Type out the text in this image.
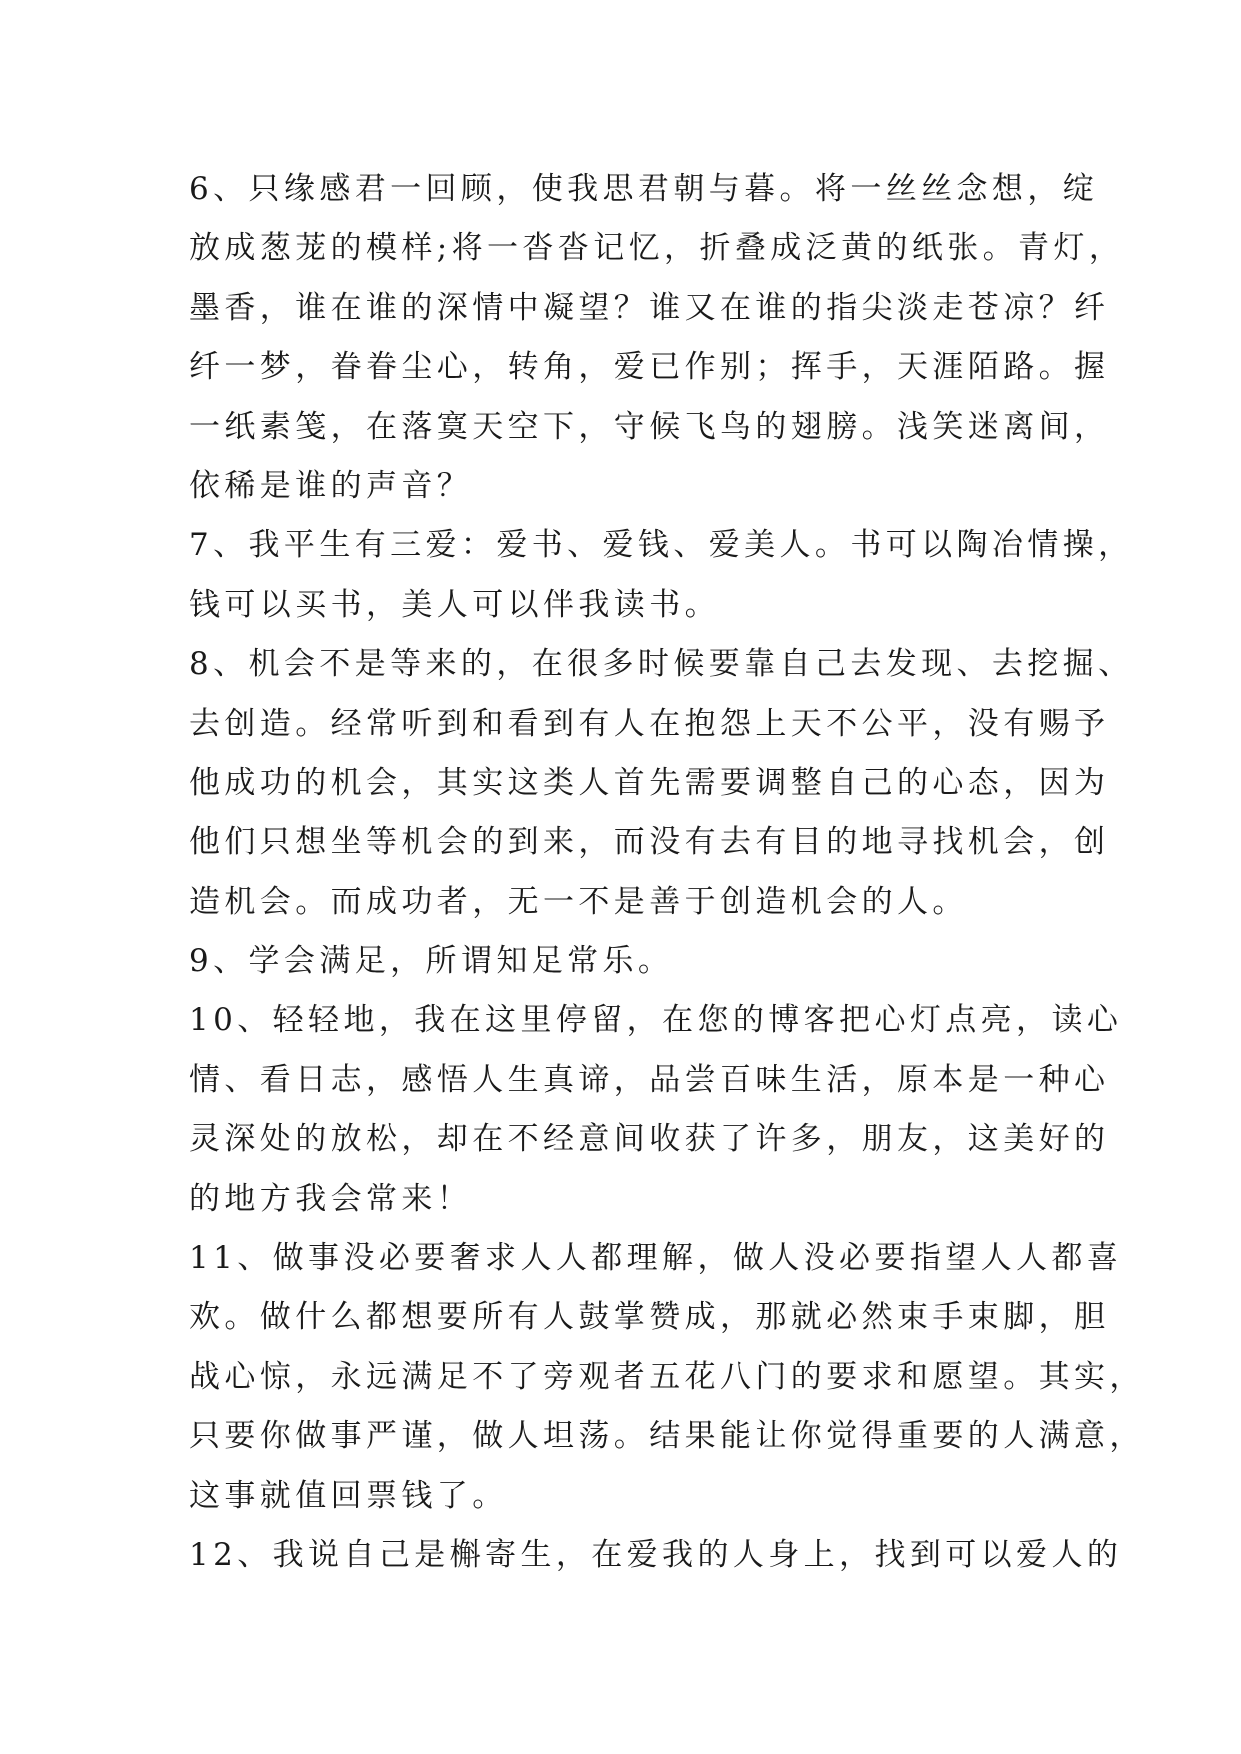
6、只缘感君一回顾，使我思君朝与暮。将一丝丝念想，绽
放成葱茏的模样;将一沓沓记忆，折叠成泛黄的纸张。青灯，
墨香，谁在谁的深情中凝望？谁又在谁的指尖淡走苍凉？纤
纤一梦，眷眷尘心，转角，爱已作别；挥手，天涯陌路。握
一纸素笺，在落寞天空下，守候飞鸟的翅膀。浅笑迷离间，
依稀是谁的声音？
7、我平生有三爱：爱书、爱钱、爱美人。书可以陶冶情操，
钱可以买书，美人可以伴我读书。
8、机会不是等来的，在很多时候要靠自己去发现、去挖掘、
去创造。经常听到和看到有人在抱怨上天不公平，没有赐予
他成功的机会，其实这类人首先需要调整自己的心态，因为
他们只想坐等机会的到来，而没有去有目的地寻找机会，创
造机会。而成功者，无一不是善于创造机会的人。
9、学会满足，所谓知足常乐。
10、轻轻地，我在这里停留，在您的博客把心灯点亮，读心
情、看日志，感悟人生真谛，品尝百味生活，原本是一种心
灵深处的放松，却在不经意间收获了许多，朋友，这美好的
的地方我会常来！
11、做事没必要奢求人人都理解，做人没必要指望人人都喜
欢。做什么都想要所有人鼓掌赞成，那就必然束手束脚，胆
战心惊，永远满足不了旁观者五花八门的要求和愿望。其实，
只要你做事严谨，做人坦荡。结果能让你觉得重要的人满意，
这事就值回票钱了。
12、我说自己是槲寄生，在爱我的人身上，找到可以爱人的
